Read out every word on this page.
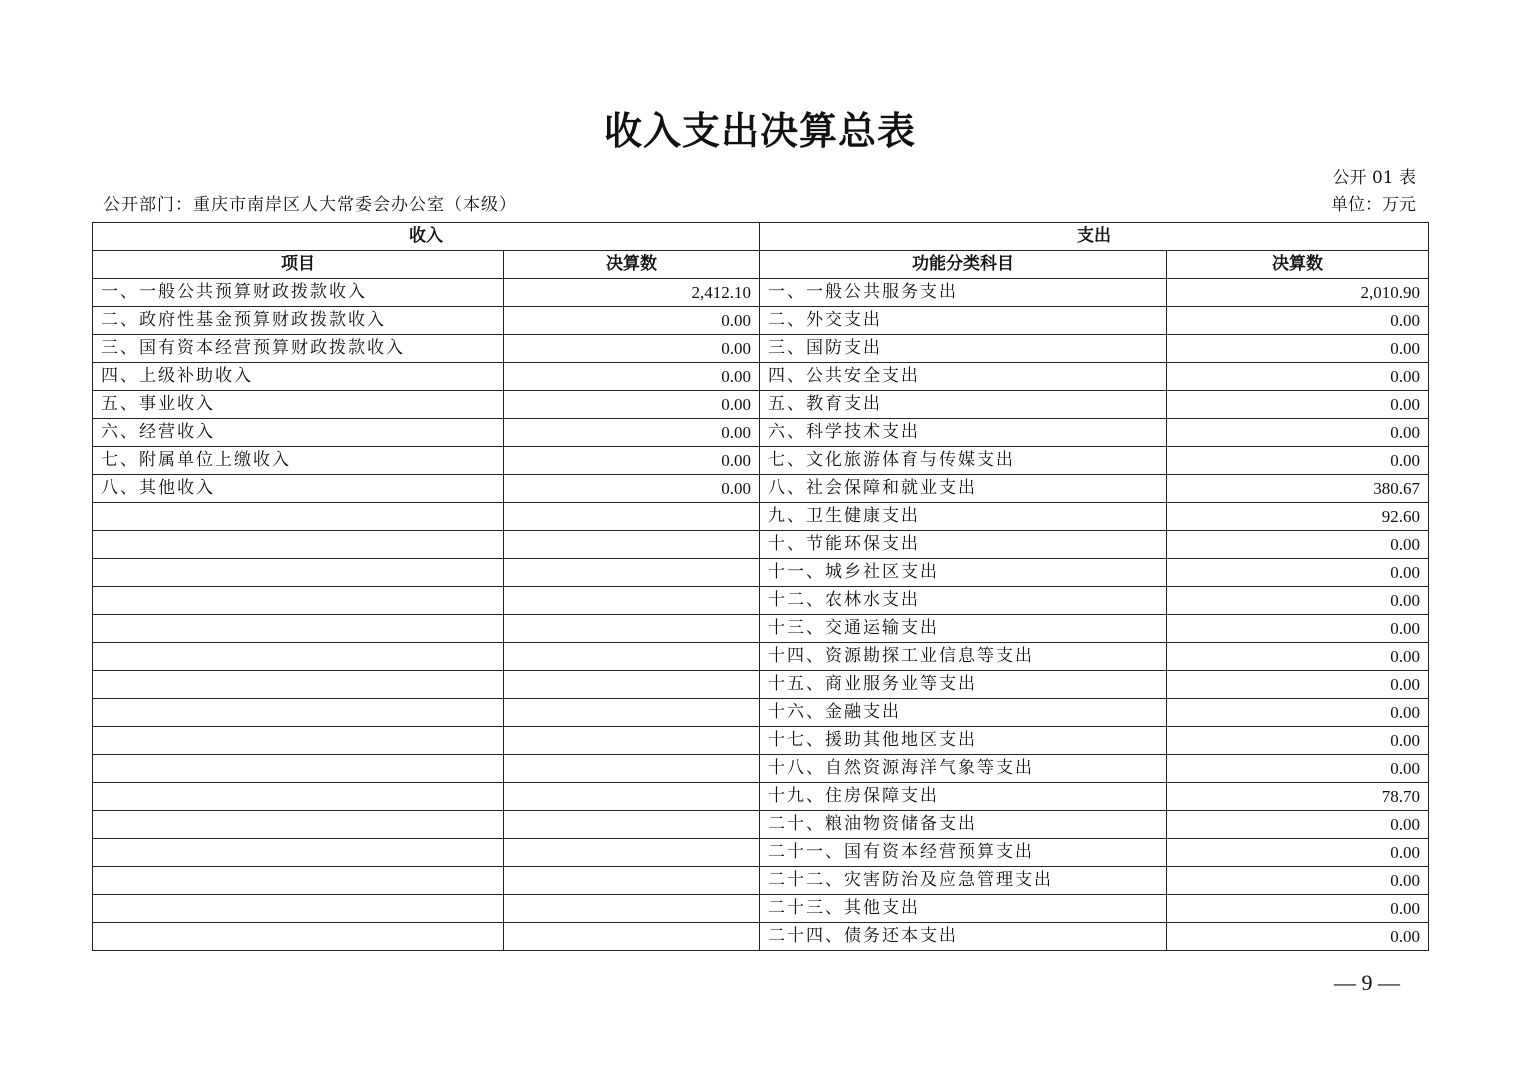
收入支出决算总表
公开 01 表
公开部门：重庆市南岸区人大常委会办公室（本级）	单位：万元
收入		支出	
项目	决算数	功能分类科目	决算数
一、一般公共预算财政拨款收入	2,412.10	一、一般公共服务支出	2,010.90
二、政府性基金预算财政拨款收入	0.00	二、外交支出	0.00
三、国有资本经营预算财政拨款收入	0.00	三、国防支出	0.00
四、上级补助收入	0.00	四、公共安全支出	0.00
五、事业收入	0.00	五、教育支出	0.00
六、经营收入	0.00	六、科学技术支出	0.00
七、附属单位上缴收入	0.00	七、文化旅游体育与传媒支出	0.00
八、其他收入	0.00	八、社会保障和就业支出	380.67
		九、卫生健康支出	92.60
		十、节能环保支出	0.00
		十一、城乡社区支出	0.00
		十二、农林水支出	0.00
		十三、交通运输支出	0.00
		十四、资源勘探工业信息等支出	0.00
		十五、商业服务业等支出	0.00
		十六、金融支出	0.00
		十七、援助其他地区支出	0.00
		十八、自然资源海洋气象等支出	0.00
		十九、住房保障支出	78.70
		二十、粮油物资储备支出	0.00
		二十一、国有资本经营预算支出	0.00
		二十二、灾害防治及应急管理支出	0.00
		二十三、其他支出	0.00
		二十四、债务还本支出	0.00
— 9 —
